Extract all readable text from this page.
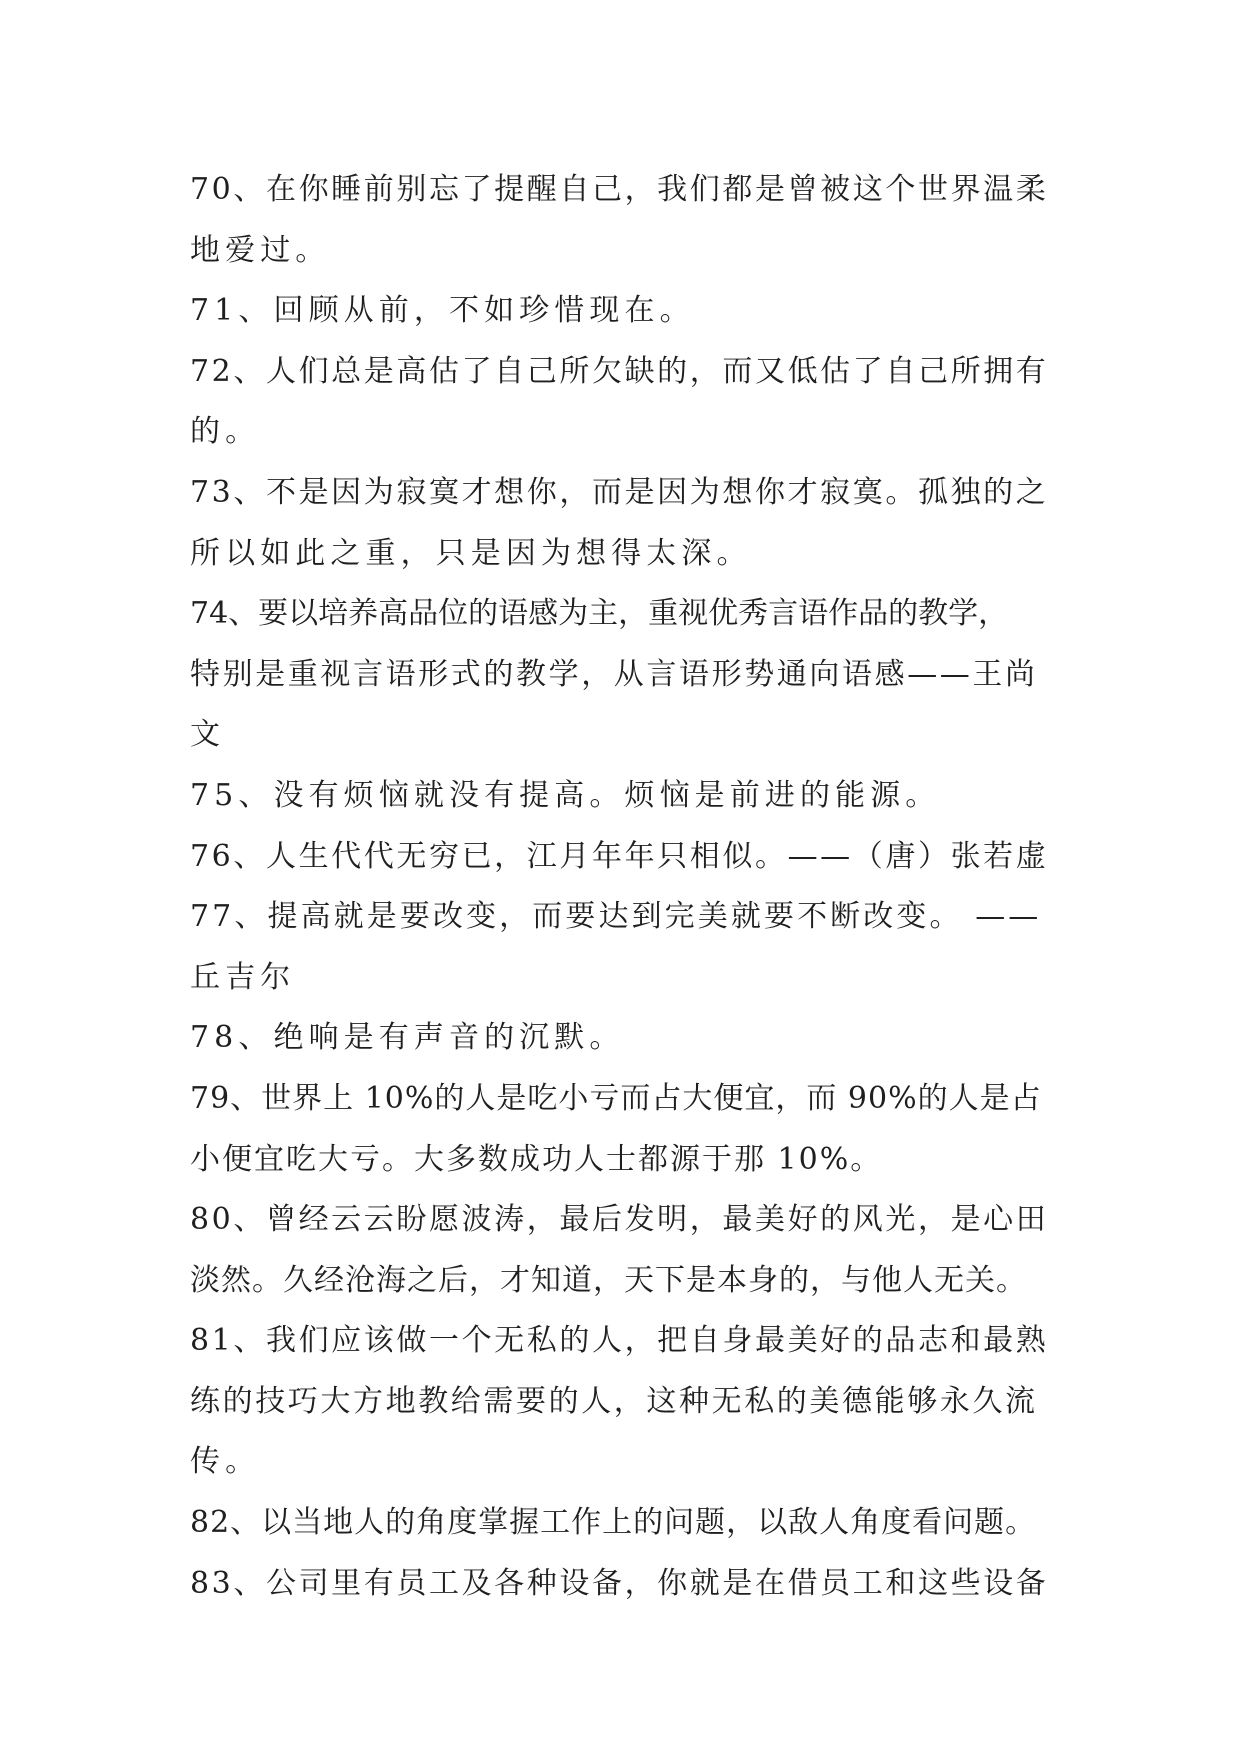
70、在你睡前别忘了提醒自己，我们都是曾被这个世界温柔
地爱过。
71、回顾从前，不如珍惜现在。
72、人们总是高估了自己所欠缺的，而又低估了自己所拥有
的。
73、不是因为寂寞才想你，而是因为想你才寂寞。孤独的之
所以如此之重，只是因为想得太深。
74、要以培养高品位的语感为主，重视优秀言语作品的教学，
特别是重视言语形式的教学，从言语形势通向语感——王尚
文
75、没有烦恼就没有提高。烦恼是前进的能源。
76、人生代代无穷已，江月年年只相似。——（唐）张若虚
77、提高就是要改变，而要达到完美就要不断改变。 ——
丘吉尔
78、绝响是有声音的沉默。
79、世界上 10%的人是吃小亏而占大便宜，而 90%的人是占
小便宜吃大亏。大多数成功人士都源于那 10%。
80、曾经云云盼愿波涛，最后发明，最美好的风光，是心田
淡然。久经沧海之后，才知道，天下是本身的，与他人无关。
81、我们应该做一个无私的人，把自身最美好的品志和最熟
练的技巧大方地教给需要的人，这种无私的美德能够永久流
传。
82、以当地人的角度掌握工作上的问题，以敌人角度看问题。
83、公司里有员工及各种设备，你就是在借员工和这些设备
